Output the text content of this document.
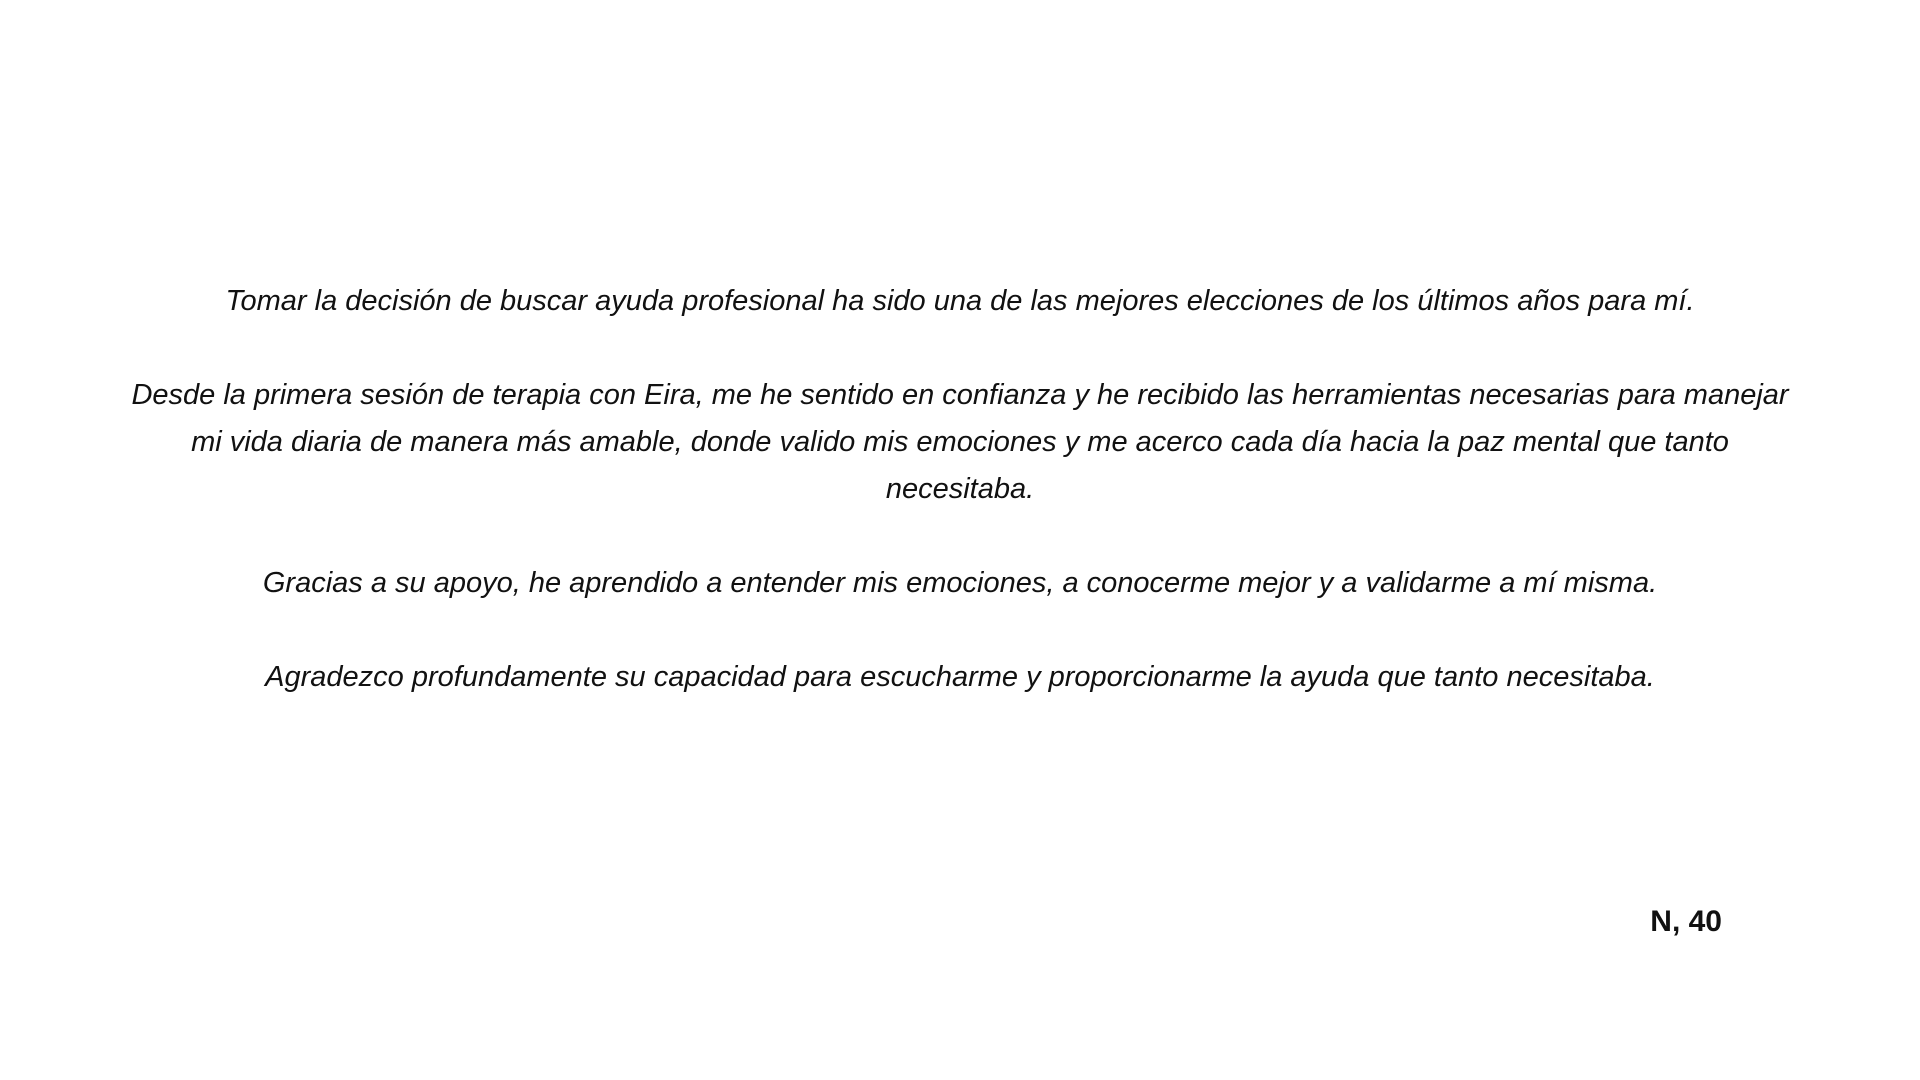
Tomar la decisión de buscar ayuda profesional ha sido una de las mejores elecciones de los últimos años para mí.

Desde la primera sesión de terapia con Eira, me he sentido en confianza y he recibido las herramientas necesarias para manejar mi vida diaria de manera más amable, donde valido mis emociones y me acerco cada día hacia la paz mental que tanto necesitaba.

Gracias a su apoyo, he aprendido a entender mis emociones, a conocerme mejor y a validarme a mí misma.

Agradezco profundamente su capacidad para escucharme y proporcionarme la ayuda que tanto necesitaba.

N, 40
